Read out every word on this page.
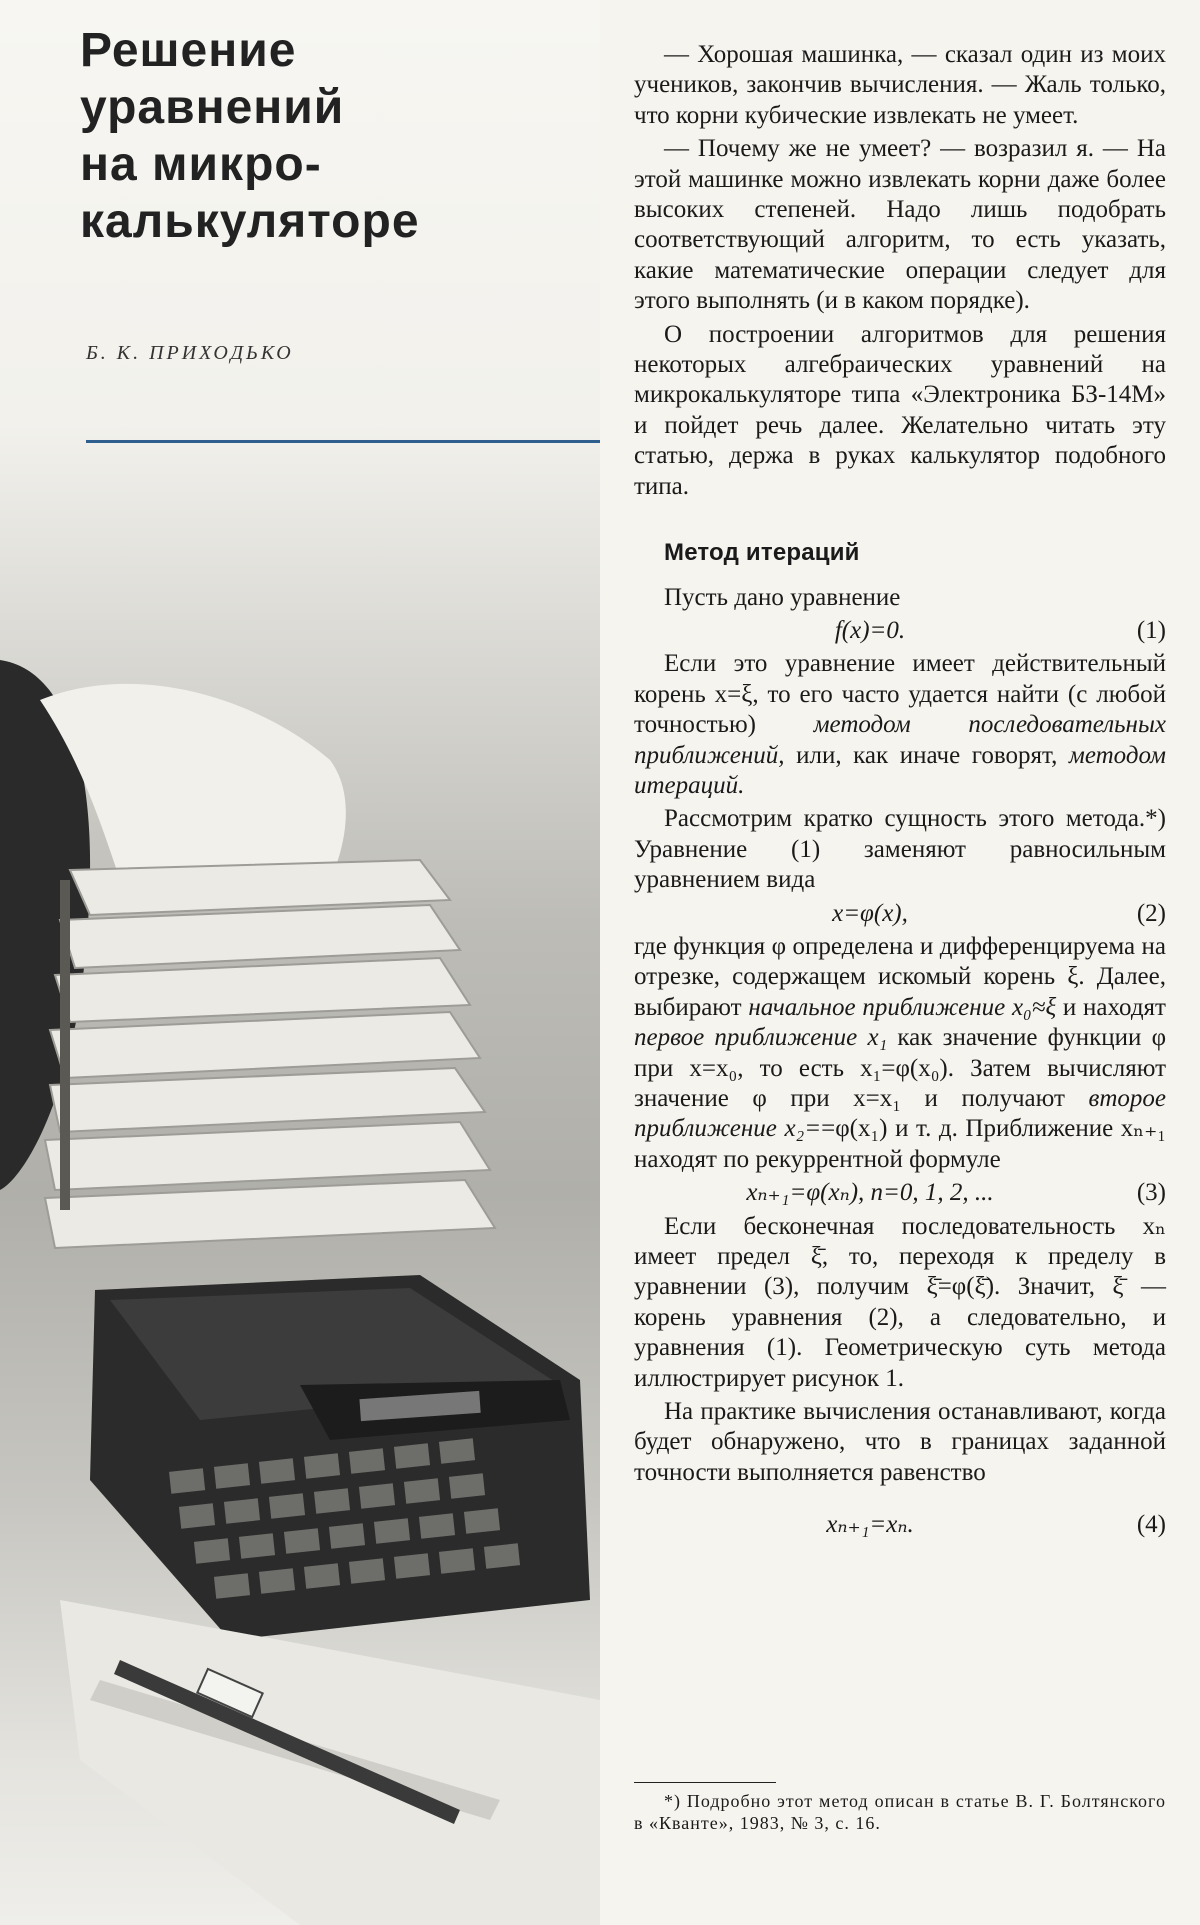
Решение
уравнений
на микро-
калькуляторе
Б. К. ПРИХОДЬКО

— Хорошая машинка, — сказал один из моих учеников, закончив вычисления. — Жаль только, что корни кубические извлекать не умеет.

— Почему же не умеет? — возразил я. — На этой машинке можно извлекать корни даже более высоких степеней. Надо лишь подобрать соответствующий алгоритм, то есть указать, какие математические операции следует для этого выполнять (и в каком порядке).

О построении алгоритмов для решения некоторых алгебраических уравнений на микрокалькуляторе типа «Электроника БЗ-14М» и пойдет речь далее. Желательно читать эту статью, держа в руках калькулятор подобного типа.

Метод итераций

Пусть дано уравнение

f(x)=0.	(1)

Если это уравнение имеет действительный корень x=ξ, то его часто удается найти (с любой точностью) методом последовательных приближений, или, как иначе говорят, методом итераций.

Рассмотрим кратко сущность этого метода.*) Уравнение (1) заменяют равносильным уравнением вида

x=φ(x),	(2)

где функция φ определена и дифференцируема на отрезке, содержащем искомый корень ξ. Далее, выбирают начальное приближение x₀≈ξ и находят первое приближение x₁ как значение функции φ при x=x₀, то есть x₁=φ(x₀). Затем вычисляют значение φ при x=x₁ и получают второе приближение x₂==φ(x₁) и т. д. Приближение xₙ₊₁ находят по рекуррентной формуле

xₙ₊₁=φ(xₙ), n=0, 1, 2, ...	(3)

Если бесконечная последовательность xₙ имеет предел ξ̄, то, переходя к пределу в уравнении (3), получим ξ̄=φ(ξ̄). Значит, ξ̄ — корень уравнения (2), а следовательно, и уравнения (1). Геометрическую суть метода иллюстрирует рисунок 1.

На практике вычисления останавливают, когда будет обнаружено, что в границах заданной точности выполняется равенство

xₙ₊₁=xₙ.	(4)

*) Подробно этот метод описан в статье В. Г. Болтянского в «Кванте», 1983, № 3, с. 16.
